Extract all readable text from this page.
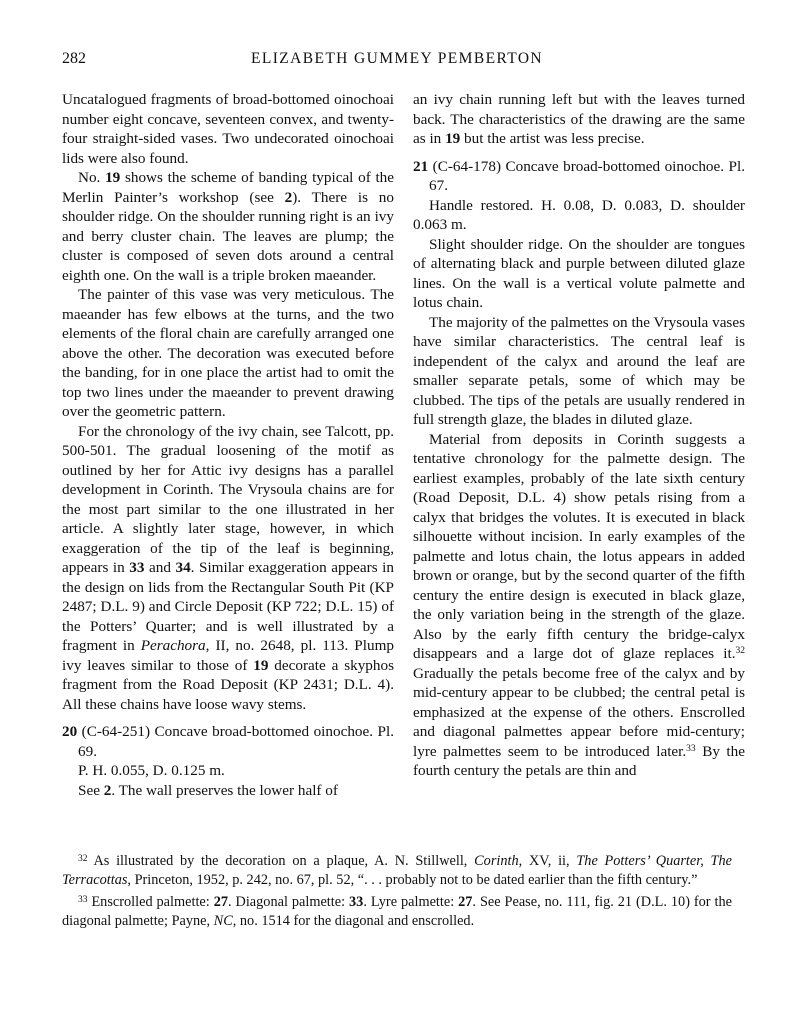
282	ELIZABETH GUMMEY PEMBERTON

Uncatalogued fragments of broad-bottomed oinochoai number eight concave, seventeen convex, and twenty-four straight-sided vases. Two undecorated oinochoai lids were also found.

No. 19 shows the scheme of banding typical of the Merlin Painter’s workshop (see 2). There is no shoulder ridge. On the shoulder running right is an ivy and berry cluster chain. The leaves are plump; the cluster is composed of seven dots around a central eighth one. On the wall is a triple broken maeander.

The painter of this vase was very meticulous. The maeander has few elbows at the turns, and the two elements of the floral chain are carefully arranged one above the other. The decoration was executed before the banding, for in one place the artist had to omit the top two lines under the maeander to prevent drawing over the geometric pattern.

For the chronology of the ivy chain, see Talcott, pp. 500-501. The gradual loosening of the motif as outlined by her for Attic ivy designs has a parallel development in Corinth. The Vrysoula chains are for the most part similar to the one illustrated in her article. A slightly later stage, however, in which exaggeration of the tip of the leaf is beginning, appears in 33 and 34. Similar exaggeration appears in the design on lids from the Rectangular South Pit (KP 2487; D.L. 9) and Circle Deposit (KP 722; D.L. 15) of the Potters’ Quarter; and is well illustrated by a fragment in Perachora, II, no. 2648, pl. 113. Plump ivy leaves similar to those of 19 decorate a skyphos fragment from the Road Deposit (KP 2431; D.L. 4). All these chains have loose wavy stems.

20 (C-64-251) Concave broad-bottomed oinochoe. Pl. 69.

P. H. 0.055, D. 0.125 m.

See 2. The wall preserves the lower half of

an ivy chain running left but with the leaves turned back. The characteristics of the drawing are the same as in 19 but the artist was less precise.

21 (C-64-178) Concave broad-bottomed oinochoe. Pl. 67.

Handle restored. H. 0.08, D. 0.083, D. shoulder 0.063 m.

Slight shoulder ridge. On the shoulder are tongues of alternating black and purple between diluted glaze lines. On the wall is a vertical volute palmette and lotus chain.

The majority of the palmettes on the Vrysoula vases have similar characteristics. The central leaf is independent of the calyx and around the leaf are smaller separate petals, some of which may be clubbed. The tips of the petals are usually rendered in full strength glaze, the blades in diluted glaze.

Material from deposits in Corinth suggests a tentative chronology for the palmette design. The earliest examples, probably of the late sixth century (Road Deposit, D.L. 4) show petals rising from a calyx that bridges the volutes. It is executed in black silhouette without incision. In early examples of the palmette and lotus chain, the lotus appears in added brown or orange, but by the second quarter of the fifth century the entire design is executed in black glaze, the only variation being in the strength of the glaze. Also by the early fifth century the bridge-calyx disappears and a large dot of glaze replaces it.$^{32}$ Gradually the petals become free of the calyx and by mid-century appear to be clubbed; the central petal is emphasized at the expense of the others. Enscrolled and diagonal palmettes appear before mid-century; lyre palmettes seem to be introduced later.$^{33}$ By the fourth century the petals are thin and

$^{32}$ As illustrated by the decoration on a plaque, A. N. Stillwell, Corinth, XV, ii, The Potters’ Quarter, The Terracottas, Princeton, 1952, p. 242, no. 67, pl. 52, “. . . probably not to be dated earlier than the fifth century.”

$^{33}$ Enscrolled palmette: 27. Diagonal palmette: 33. Lyre palmette: 27. See Pease, no. 111, fig. 21 (D.L. 10) for the diagonal palmette; Payne, NC, no. 1514 for the diagonal and enscrolled.
